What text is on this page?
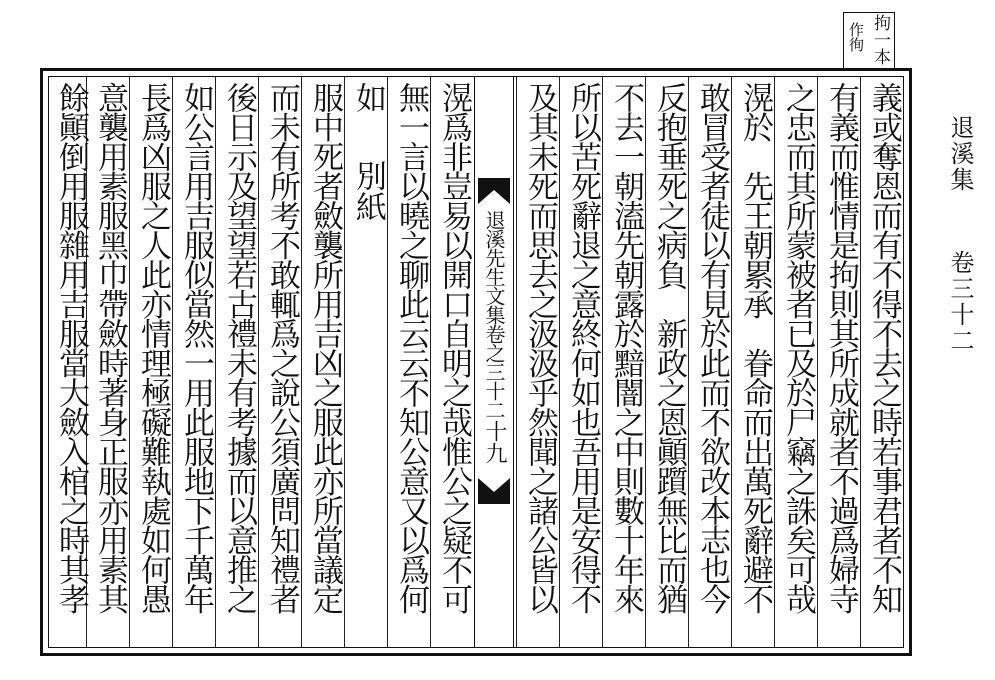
拘一本
作徇
退溪集
卷三十二
退溪先生文集卷之三十二
十九	義或奪恩而有不得不去之時若事君者不知
有義而惟情是拘則其所成就者不過爲婦寺
之忠而其所蒙被者已及於尸竊之誅矣可哉
滉於　先王朝累承　眷命而出萬死辭避不
敢冒受者徒以有見於此而不欲改本志也今
反抱垂死之病負　新政之恩顚躓無比而猶
不去一朝溘先朝露於黯闇之中則數十年來
所以苦死辭退之意終何如也吾用是安得不
及其未死而思去之汲汲乎然聞之諸公皆以
無一言以曉之聊此云云不知公意又以爲何
如
別紙
服中死者斂襲所用吉凶之服此亦所當議定
而未有所考不敢輒爲之說公須廣問知禮者
後日示及望望若古禮未有考據而以意推之
如公言用吉服似當然一用此服地下千萬年
長爲凶服之人此亦情理極礙難執處如何愚
意襲用素服黑巾帶斂時著身正服亦用素其
餘顚倒用服雜用吉服當大斂入棺之時其孝	滉爲非豈易以開口自明之哉惟公之疑不可
